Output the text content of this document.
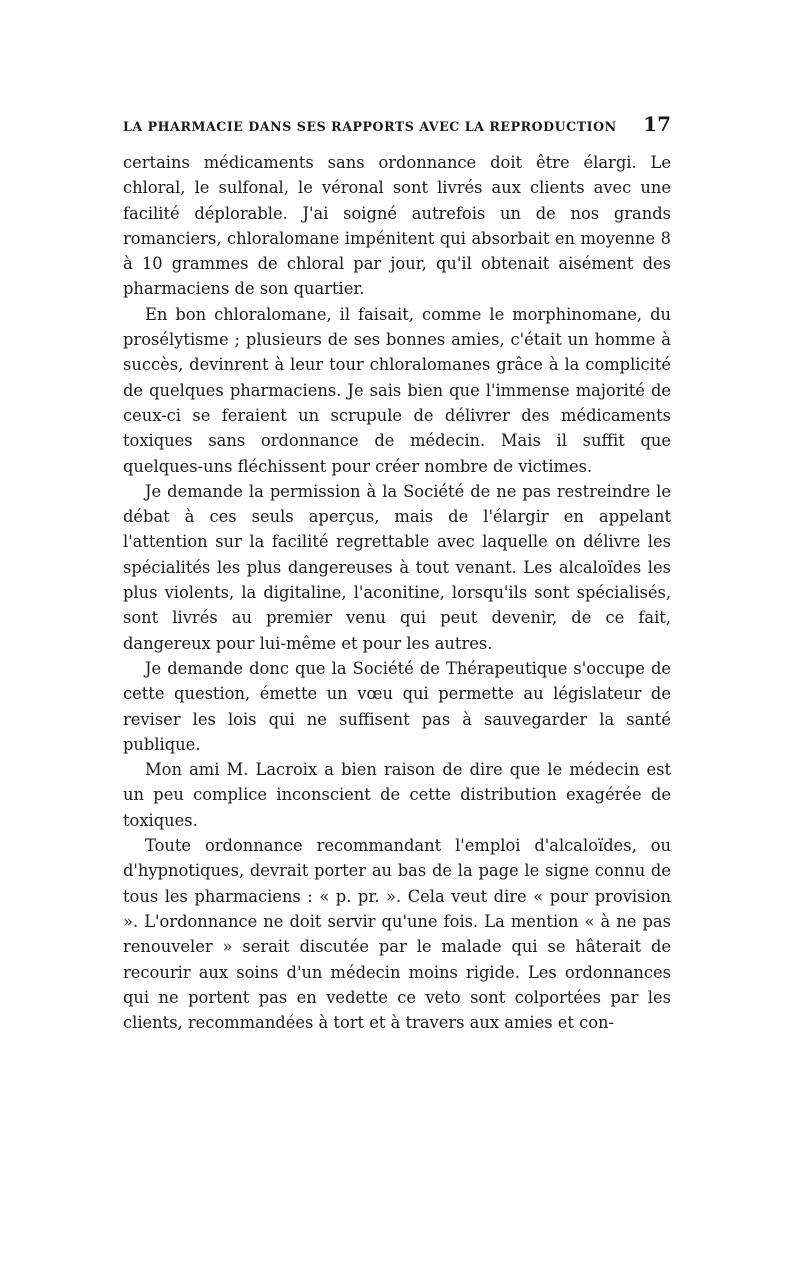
LA PHARMACIE DANS SES RAPPORTS AVEC LA REPRODUCTION 17

certains médicaments sans ordonnance doit être élargi. Le chloral, le sulfonal, le véronal sont livrés aux clients avec une facilité déplorable. J'ai soigné autrefois un de nos grands romanciers, chloralomane impénitent qui absorbait en moyenne 8 à 10 grammes de chloral par jour, qu'il obtenait aisément des pharmaciens de son quartier.

En bon chloralomane, il faisait, comme le morphinomane, du prosélytisme ; plusieurs de ses bonnes amies, c'était un homme à succès, devinrent à leur tour chloralomanes grâce à la complicité de quelques pharmaciens. Je sais bien que l'immense majorité de ceux-ci se feraient un scrupule de délivrer des médicaments toxiques sans ordonnance de médecin. Mais il suffit que quelques-uns fléchissent pour créer nombre de victimes.

Je demande la permission à la Société de ne pas restreindre le débat à ces seuls aperçus, mais de l'élargir en appelant l'attention sur la facilité regrettable avec laquelle on délivre les spécialités les plus dangereuses à tout venant. Les alcaloïdes les plus violents, la digitaline, l'aconitine, lorsqu'ils sont spécialisés, sont livrés au premier venu qui peut devenir, de ce fait, dangereux pour lui-même et pour les autres.

Je demande donc que la Société de Thérapeutique s'occupe de cette question, émette un vœu qui permette au législateur de reviser les lois qui ne suffisent pas à sauvegarder la santé publique.

Mon ami M. Lacroix a bien raison de dire que le médecin est un peu complice inconscient de cette distribution exagérée de toxiques.

Toute ordonnance recommandant l'emploi d'alcaloïdes, ou d'hypnotiques, devrait porter au bas de la page le signe connu de tous les pharmaciens : « p. pr. ». Cela veut dire « pour provision ». L'ordonnance ne doit servir qu'une fois. La mention « à ne pas renouveler » serait discutée par le malade qui se hâterait de recourir aux soins d'un médecin moins rigide. Les ordonnances qui ne portent pas en vedette ce veto sont colportées par les clients, recommandées à tort et à travers aux amies et con-
